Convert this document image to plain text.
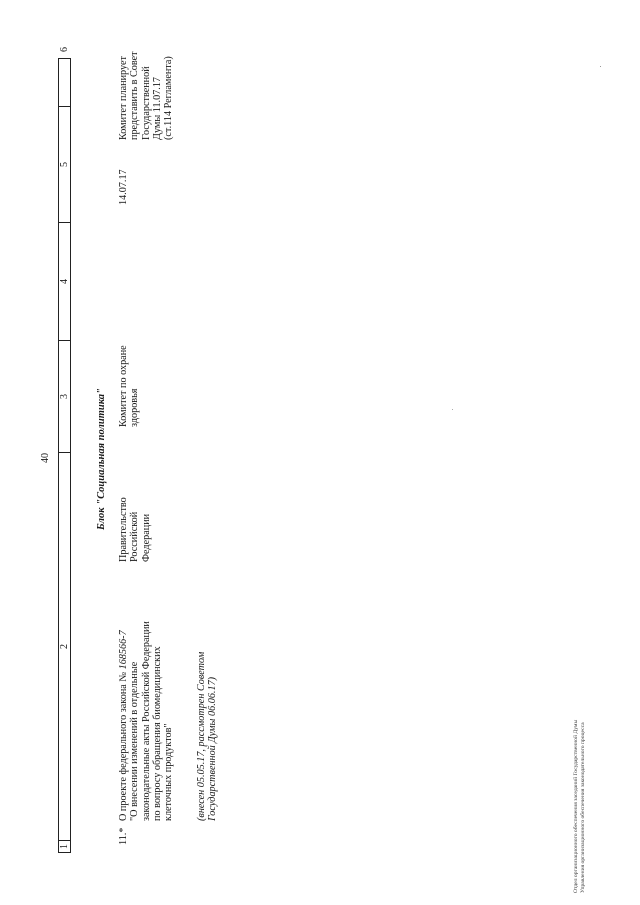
40
1
2
3
4
5
6
Блок "Социальная политика"
11.*
О проекте федерального закона № 168566-7
"О внесении изменений в отдельные
законодательные акты Российской Федерации
по вопросу обращения биомедицинских
клеточных продуктов"
(внесен 05.05.17, рассмотрен Советом
Государственной Думы 06.06.17)
Правительство
Российской
Федерации
Комитет по охране
здоровья
14.07.17
Комитет планирует
представить в Совет
Государственной
Думы 11.07.17
(ст.114 Регламента)
Отдел организационного обеспечения заседаний Государственной Думы
Управления организационного обеспечения законодательного процесса
